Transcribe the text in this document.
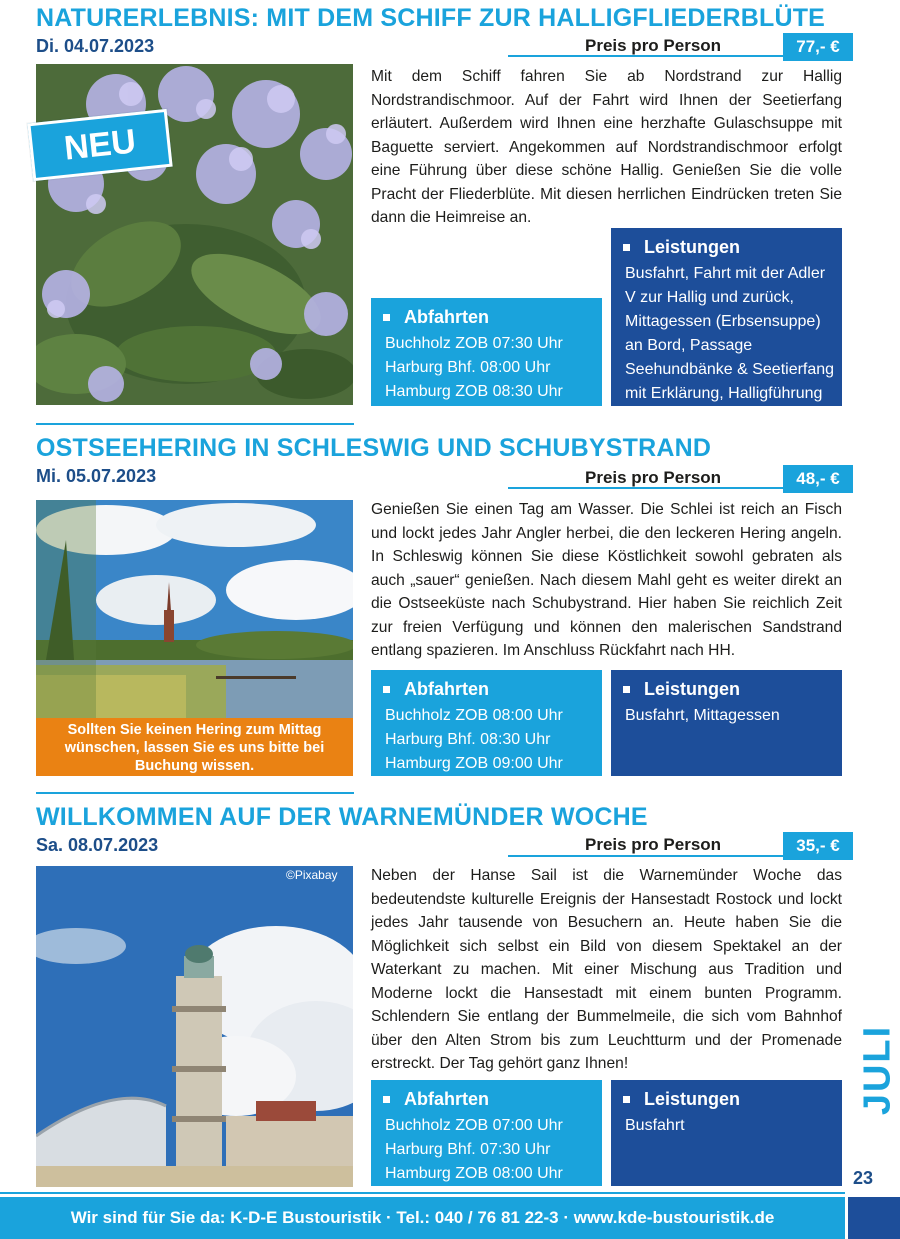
NATURERLEBNIS: MIT DEM SCHIFF ZUR HALLIGFLIEDERBLÜTE
Di. 04.07.2023	Preis pro Person	77,- €
NEU
Mit dem Schiff fahren Sie ab Nordstrand zur Hallig Nordstrandischmoor. Auf der Fahrt wird Ihnen der Seetierfang erläutert. Außerdem wird Ihnen eine herzhafte Gulaschsuppe mit Baguette serviert. Angekommen auf Nordstrandischmoor erfolgt eine Führung über diese schöne Hallig. Genießen Sie die volle Pracht der Fliederblüte. Mit diesen herrlichen Eindrücken treten Sie dann die Heimreise an.
Abfahrten
Buchholz ZOB 07:30 Uhr
Harburg Bhf. 08:00 Uhr
Hamburg ZOB 08:30 Uhr
Leistungen
Busfahrt, Fahrt mit der Adler V zur Hallig und zurück, Mittagessen (Erbsensuppe) an Bord, Passage Seehundbänke & Seetierfang mit Erklärung, Halligführung
OSTSEEHERING IN SCHLESWIG UND SCHUBYSTRAND
Mi. 05.07.2023	Preis pro Person	48,- €
Sollten Sie keinen Hering zum Mittag wünschen, lassen Sie es uns bitte bei Buchung wissen.
Genießen Sie einen Tag am Wasser. Die Schlei ist reich an Fisch und lockt jedes Jahr Angler herbei, die den leckeren Hering angeln. In Schleswig können Sie diese Köstlichkeit sowohl gebraten als auch „sauer“ genießen. Nach diesem Mahl geht es weiter direkt an die Ostseeküste nach Schubystrand. Hier haben Sie reichlich Zeit zur freien Verfügung und können den malerischen Sandstrand entlang spazieren. Im Anschluss Rückfahrt nach HH.
Abfahrten
Buchholz ZOB 08:00 Uhr
Harburg Bhf. 08:30 Uhr
Hamburg ZOB 09:00 Uhr
Leistungen
Busfahrt, Mittagessen
WILLKOMMEN AUF DER WARNEMÜNDER WOCHE
Sa. 08.07.2023	Preis pro Person	35,- €
©Pixabay Neben der Hanse Sail ist die Warnemünder Woche das bedeutendste kulturelle Ereignis der Hansestadt Rostock und lockt jedes Jahr tausende von Besuchern an. Heute haben Sie die Möglichkeit sich selbst ein Bild von diesem Spektakel an der Waterkant zu machen. Mit einer Mischung aus Tradition und Moderne lockt die Hansestadt mit einem bunten Programm. Schlendern Sie entlang der Bummelmeile, die sich vom Bahnhof über den Alten Strom bis zum Leuchtturm und der Promenade erstreckt. Der Tag gehört ganz Ihnen!
Abfahrten
Buchholz ZOB 07:00 Uhr
Harburg Bhf. 07:30 Uhr
Hamburg ZOB 08:00 Uhr
Leistungen
Busfahrt
JULI
23
Wir sind für Sie da: K-D-E Bustouristik · Tel.: 040 / 76 81 22-3 · www.kde-bustouristik.de
